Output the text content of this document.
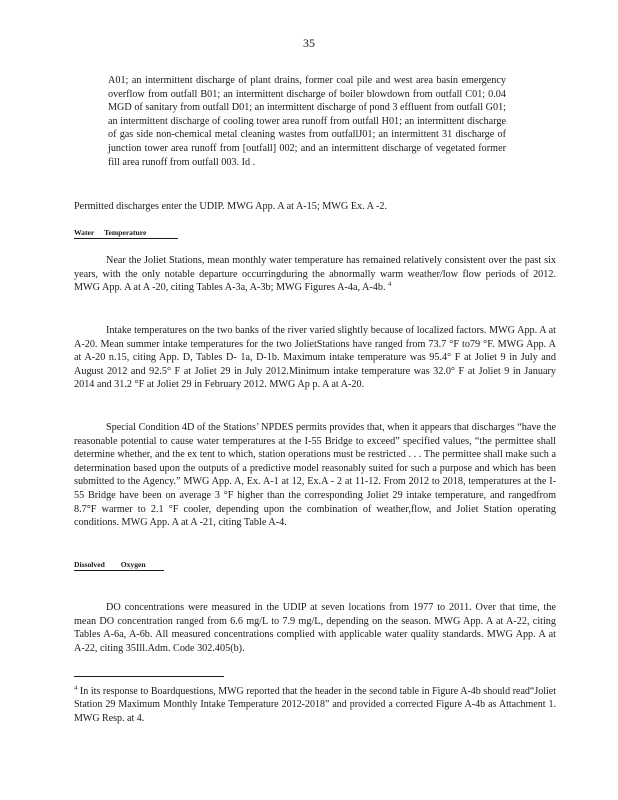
35
A01; an intermittent discharge of plant drains, former coal pile and west area basin emergency overflow from outfall B01; an intermittent discharge of boiler blowdown from outfall C01; 0.04 MGD of sanitary from outfall D01; an intermittent discharge of pond 3 effluent from outfall G01; an intermittent discharge of cooling tower area runoff from outfall H01; an intermittent discharge of gas side non-chemical metal cleaning wastes from outfallJ01; an intermittent 31 discharge of junction tower area runoff from [outfall] 002; and an intermittent discharge of vegetated former fill area runoff from outfall 003. Id .
Permitted discharges enter the UDIP. MWG App. A at A-15; MWG Ex. A -2.
Water Temperature
Near the Joliet Stations, mean monthly water temperature has remained relatively consistent over the past six years, with the only notable departure occurringduring the abnormally warm weather/low flow periods of 2012. MWG App. A at A -20, citing Tables A-3a, A-3b; MWG Figures A-4a, A-4b. $^4$
Intake temperatures on the two banks of the river varied slightly because of localized factors. MWG App. A at A-20. Mean summer intake temperatures for the two JolietStations have ranged from 73.7 °F to79 °F. MWG App. A at A-20 n.15, citing App. D, Tables D- 1a, D-1b. Maximum intake temperature was 95.4° F at Joliet 9 in July and August 2012 and 92.5° F at Joliet 29 in July 2012.Minimum intake temperature was 32.0° F at Joliet 9 in January 2014 and 31.2 °F at Joliet 29 in February 2012. MWG Ap p. A at A-20.
Special Condition 4D of the Stations’ NPDES permits provides that, when it appears that discharges “have the reasonable potential to cause water temperatures at the I-55 Bridge to exceed” specified values, “the permittee shall determine whether, and the ex tent to which, station operations must be restricted . . . The permittee shall make such a determination based upon the outputs of a predictive model reasonably suited for such a purpose and which has been submitted to the Agency.” MWG App. A, Ex. A-1 at 12, Ex.A - 2 at 11-12. From 2012 to 2018, temperatures at the I-55 Bridge have been on average 3 °F higher than the corresponding Joliet 29 intake temperature, and rangedfrom 8.7°F warmer to 2.1 °F cooler, depending upon the combination of weather,flow, and Joliet Station operating conditions. MWG App. A at A -21, citing Table A-4.
Dissolved Oxygen
DO concentrations were measured in the UDIP at seven locations from 1977 to 2011. Over that time, the mean DO concentration ranged from 6.6 mg/L to 7.9 mg/L, depending on the season. MWG App. A at A-22, citing Tables A-6a, A-6b. All measured concentrations complied with applicable water quality standards. MWG App. A at A-22, citing 35Ill.Adm. Code 302.405(b).
$^4$ In its response to Boardquestions, MWG reported that the header in the second table in Figure A-4b should read“Joliet Station 29 Maximum Monthly Intake Temperature 2012-2018” and provided a corrected Figure A-4b as Attachment 1. MWG Resp. at 4.
